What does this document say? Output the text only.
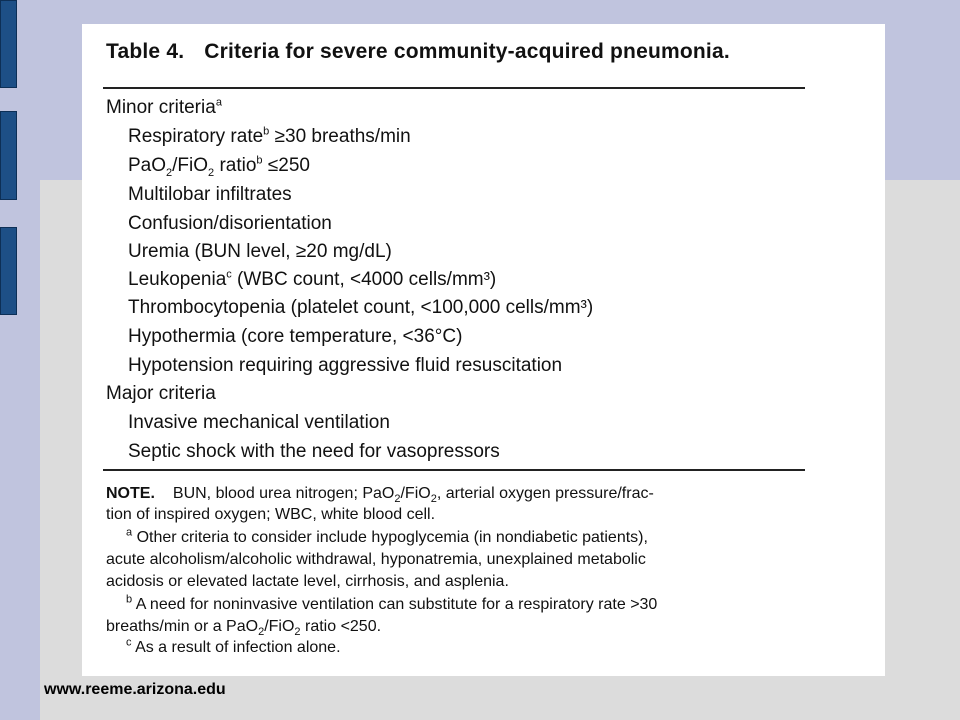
Table 4. Criteria for severe community-acquired pneumonia.
Minor criteria$^a$
Respiratory rate$^b$ ≥30 breaths/min
PaO$_2$/FiO$_2$ ratio$^b$ ≤250
Multilobar infiltrates
Confusion/disorientation
Uremia (BUN level, ≥20 mg/dL)
Leukopenia$^c$ (WBC count, <4000 cells/mm³)
Thrombocytopenia (platelet count, <100,000 cells/mm³)
Hypothermia (core temperature, <36°C)
Hypotension requiring aggressive fluid resuscitation
Major criteria
Invasive mechanical ventilation
Septic shock with the need for vasopressors
NOTE. BUN, blood urea nitrogen; PaO$_2$/FiO$_2$, arterial oxygen pressure/frac-
tion of inspired oxygen; WBC, white blood cell.
$^a$ Other criteria to consider include hypoglycemia (in nondiabetic patients),
acute alcoholism/alcoholic withdrawal, hyponatremia, unexplained metabolic
acidosis or elevated lactate level, cirrhosis, and asplenia.
$^b$ A need for noninvasive ventilation can substitute for a respiratory rate >30
breaths/min or a PaO$_2$/FiO$_2$ ratio <250.
$^c$ As a result of infection alone.
www.reeme.arizona.edu
